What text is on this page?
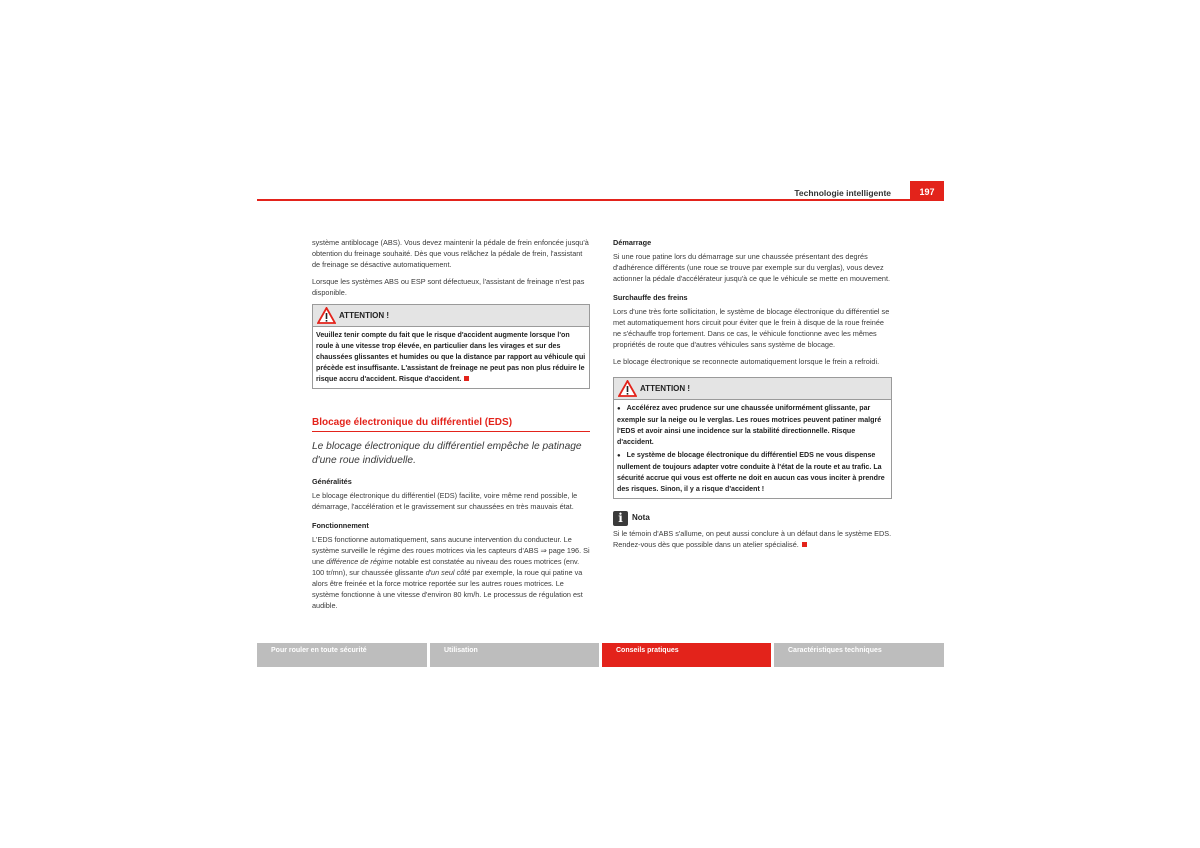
Technologie intelligente	197

système antiblocage (ABS). Vous devez maintenir la pédale de frein enfoncée jusqu'à obtention du freinage souhaité. Dès que vous relâchez la pédale de frein, l'assistant de freinage se désactive automatiquement.

Lorsque les systèmes ABS ou ESP sont défectueux, l'assistant de freinage n'est pas disponible.

ATTENTION !
Veuillez tenir compte du fait que le risque d'accident augmente lorsque l'on roule à une vitesse trop élevée, en particulier dans les virages et sur des chaussées glissantes et humides ou que la distance par rapport au véhicule qui précède est insuffisante. L'assistant de freinage ne peut pas non plus réduire le risque accru d'accident. Risque d'accident.
Blocage électronique du différentiel (EDS)

Le blocage électronique du différentiel empêche le patinage d'une roue individuelle.

Généralités

Le blocage électronique du différentiel (EDS) facilite, voire même rend possible, le démarrage, l'accélération et le gravissement sur chaussées en très mauvais état.

Fonctionnement

L'EDS fonctionne automatiquement, sans aucune intervention du conducteur. Le système surveille le régime des roues motrices via les capteurs d'ABS ⇒ page 196. Si une différence de régime notable est constatée au niveau des roues motrices (env. 100 tr/mn), sur chaussée glissante d'un seul côté par exemple, la roue qui patine va alors être freinée et la force motrice reportée sur les autres roues motrices. Le système fonctionne à une vitesse d'environ 80 km/h. Le processus de régulation est audible.

Démarrage

Si une roue patine lors du démarrage sur une chaussée présentant des degrés d'adhérence différents (une roue se trouve par exemple sur du verglas), vous devez actionner la pédale d'accélérateur jusqu'à ce que le véhicule se mette en mouvement.

Surchauffe des freins

Lors d'une très forte sollicitation, le système de blocage électronique du différentiel se met automatiquement hors circuit pour éviter que le frein à disque de la roue freinée ne s'échauffe trop fortement. Dans ce cas, le véhicule fonctionne avec les mêmes propriétés de route que d'autres véhicules sans système de blocage.

Le blocage électronique se reconnecte automatiquement lorsque le frein a refroidi.

ATTENTION !
● Accélérez avec prudence sur une chaussée uniformément glissante, par exemple sur la neige ou le verglas. Les roues motrices peuvent patiner malgré l'EDS et avoir ainsi une incidence sur la stabilité directionnelle. Risque d'accident.
● Le système de blocage électronique du différentiel EDS ne vous dispense nullement de toujours adapter votre conduite à l'état de la route et au trafic. La sécurité accrue qui vous est offerte ne doit en aucun cas vous inciter à prendre des risques. Sinon, il y a risque d'accident !
i Nota

Si le témoin d'ABS s'allume, on peut aussi conclure à un défaut dans le système EDS. Rendez-vous dès que possible dans un atelier spécialisé.

Pour rouler en toute sécurité	Utilisation	Conseils pratiques	Caractéristiques techniques
